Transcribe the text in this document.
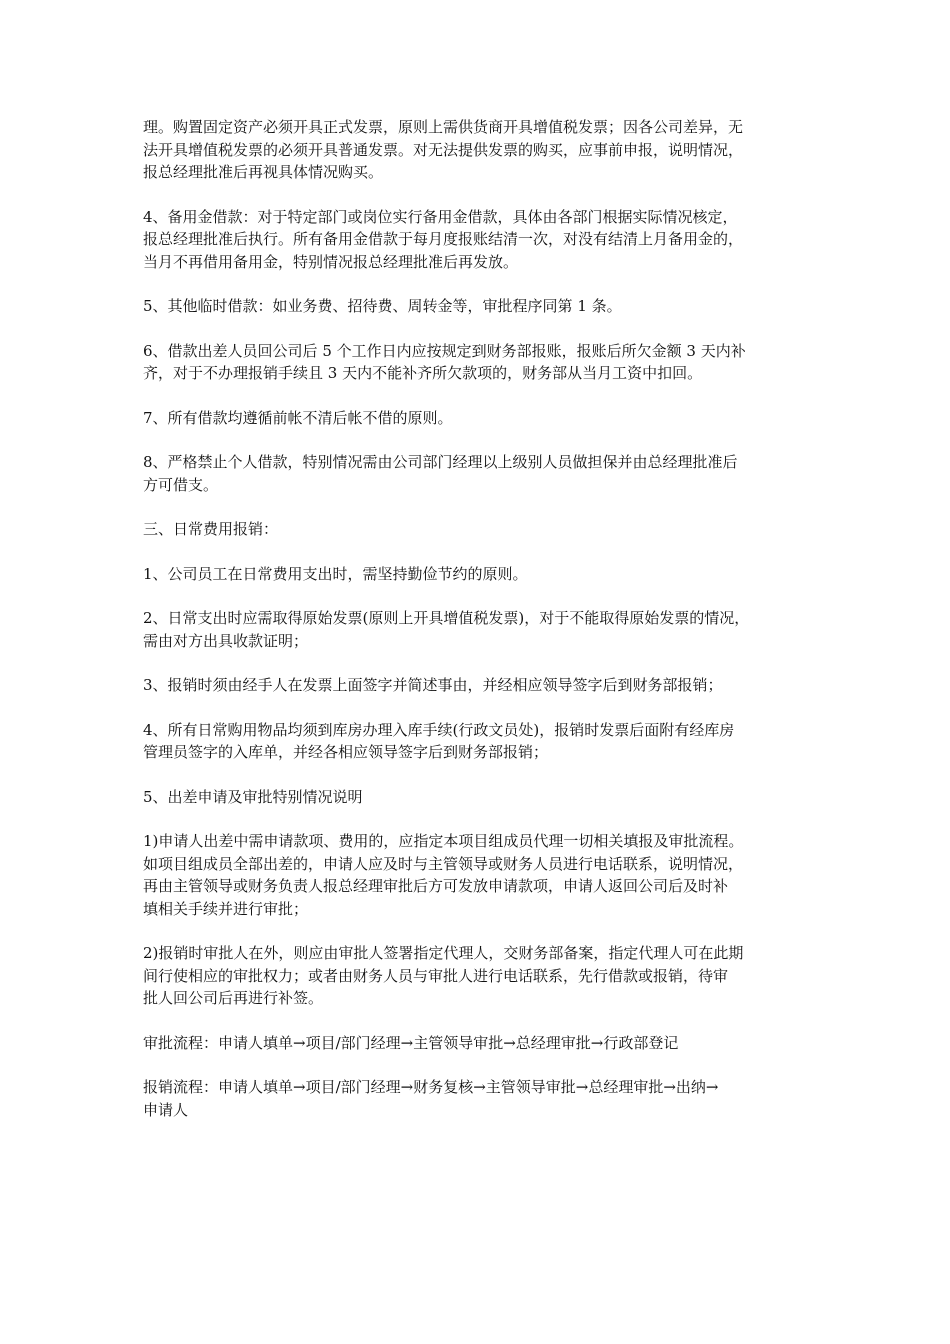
理。购置固定资产必须开具正式发票，原则上需供货商开具增值税发票；因各公司差异，无
法开具增值税发票的必须开具普通发票。对无法提供发票的购买，应事前申报，说明情况，
报总经理批准后再视具体情况购买。
4、备用金借款：对于特定部门或岗位实行备用金借款，具体由各部门根据实际情况核定，
报总经理批准后执行。所有备用金借款于每月度报账结清一次，对没有结清上月备用金的，
当月不再借用备用金，特别情况报总经理批准后再发放。
5、其他临时借款：如业务费、招待费、周转金等，审批程序同第 1 条。
6、借款出差人员回公司后 5 个工作日内应按规定到财务部报账，报账后所欠金额 3 天内补
齐，对于不办理报销手续且 3 天内不能补齐所欠款项的，财务部从当月工资中扣回。
7、所有借款均遵循前帐不清后帐不借的原则。
8、严格禁止个人借款，特别情况需由公司部门经理以上级别人员做担保并由总经理批准后
方可借支。
三、日常费用报销：
1、公司员工在日常费用支出时，需坚持勤俭节约的原则。
2、日常支出时应需取得原始发票(原则上开具增值税发票)，对于不能取得原始发票的情况，
需由对方出具收款证明；
3、报销时须由经手人在发票上面签字并简述事由，并经相应领导签字后到财务部报销；
4、所有日常购用物品均须到库房办理入库手续(行政文员处)，报销时发票后面附有经库房
管理员签字的入库单，并经各相应领导签字后到财务部报销；
5、出差申请及审批特别情况说明
1)申请人出差中需申请款项、费用的，应指定本项目组成员代理一切相关填报及审批流程。
如项目组成员全部出差的，申请人应及时与主管领导或财务人员进行电话联系，说明情况，
再由主管领导或财务负责人报总经理审批后方可发放申请款项，申请人返回公司后及时补
填相关手续并进行审批；
2)报销时审批人在外，则应由审批人签署指定代理人，交财务部备案，指定代理人可在此期
间行使相应的审批权力；或者由财务人员与审批人进行电话联系，先行借款或报销，待审
批人回公司后再进行补签。
审批流程：申请人填单→项目/部门经理→主管领导审批→总经理审批→行政部登记
报销流程：申请人填单→项目/部门经理→财务复核→主管领导审批→总经理审批→出纳→
申请人
